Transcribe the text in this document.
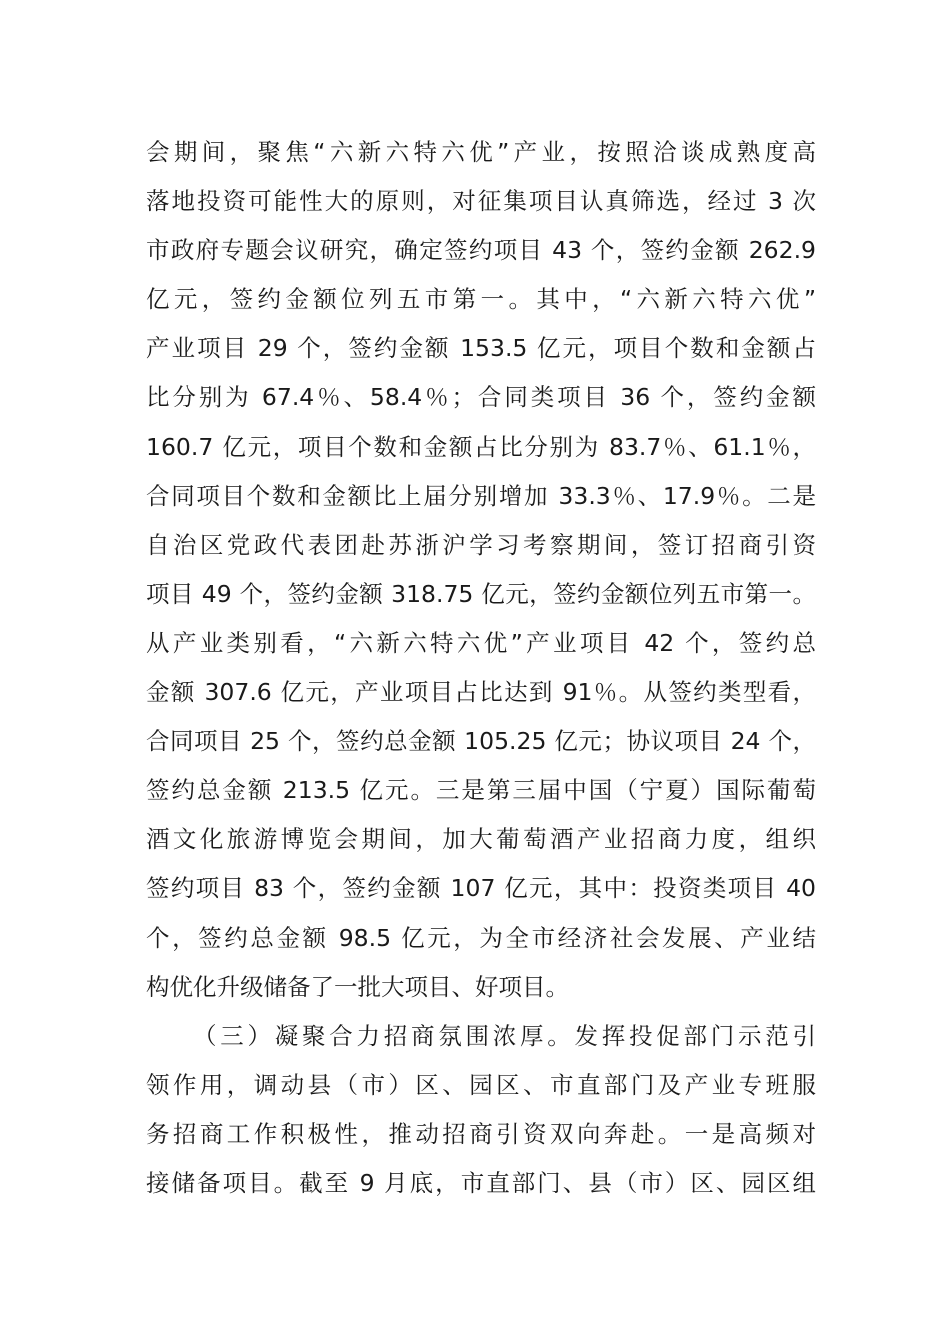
会期间，聚焦“六新六特六优”产业，按照洽谈成熟度高
落地投资可能性大的原则，对征集项目认真筛选，经过 3 次
市政府专题会议研究，确定签约项目 43 个，签约金额 262.9
亿元，签约金额位列五市第一。其中，“六新六特六优”
产业项目 29 个，签约金额 153.5 亿元，项目个数和金额占
比分别为 67.4％、58.4％；合同类项目 36 个，签约金额
160.7 亿元，项目个数和金额占比分别为 83.7％、61.1％，
合同项目个数和金额比上届分别增加 33.3％、17.9％。二是
自治区党政代表团赴苏浙沪学习考察期间，签订招商引资
项目 49 个，签约金额 318.75 亿元，签约金额位列五市第一。
从产业类别看，“六新六特六优”产业项目 42 个，签约总
金额 307.6 亿元，产业项目占比达到 91％。从签约类型看，
合同项目 25 个，签约总金额 105.25 亿元；协议项目 24 个，
签约总金额 213.5 亿元。三是第三届中国（宁夏）国际葡萄
酒文化旅游博览会期间，加大葡萄酒产业招商力度，组织
签约项目 83 个，签约金额 107 亿元，其中：投资类项目 40
个，签约总金额 98.5 亿元，为全市经济社会发展、产业结
构优化升级储备了一批大项目、好项目。
（三）凝聚合力招商氛围浓厚。发挥投促部门示范引
领作用，调动县（市）区、园区、市直部门及产业专班服
务招商工作积极性，推动招商引资双向奔赴。一是高频对
接储备项目。截至 9 月底，市直部门、县（市）区、园区组
